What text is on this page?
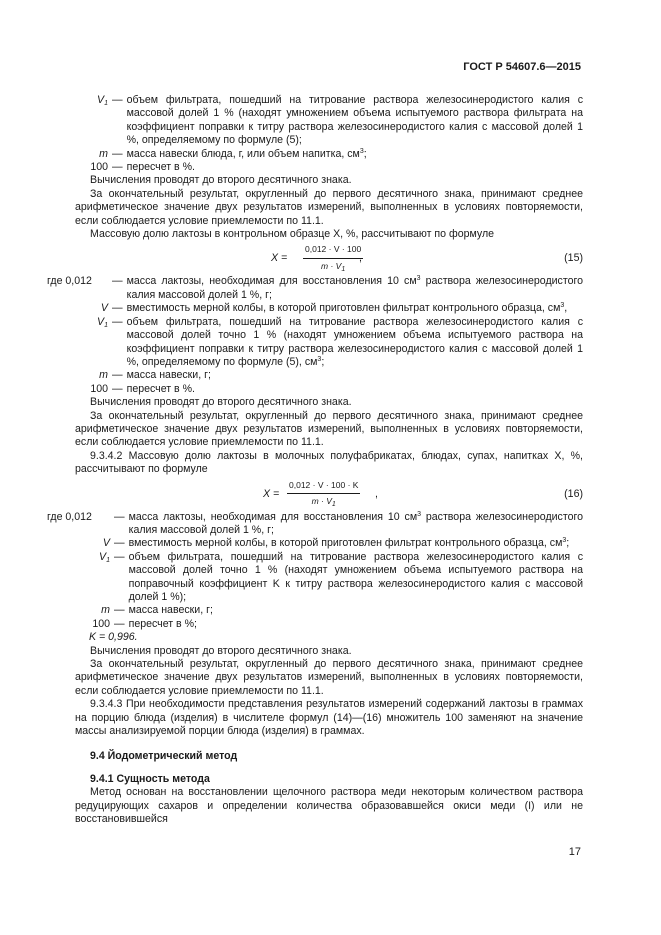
ГОСТ Р 54607.6—2015
$V_1$ — объем фильтрата, пошедший на титрование раствора железосинеродистого калия с массовой долей 1 % (находят умножением объема испытуемого раствора фильтрата на коэффициент поправки к титру раствора железосинеродистого калия с массовой долей 1 %, определяемому по формуле (5);
m — масса навески блюда, г, или объем напитка, $см^3$;
100 — пересчет в %.

Вычисления проводят до второго десятичного знака.

За окончательный результат, округленный до первого десятичного знака, принимают среднее арифметическое значение двух результатов измерений, выполненных в условиях повторяемости, если соблюдается условие приемлемости по 11.1.

Массовую долю лактозы в контрольном образце X, %, рассчитывают по формуле

$X = \frac{0,012 \cdot V \cdot 100}{m \cdot V_1}$
,	(15)
где 0,012	— масса лактозы, необходимая для восстановления 10 $см^3$ раствора железосинеродистого калия массовой долей 1 %, г;
V — вместимость мерной колбы, в которой приготовлен фильтрат контрольного образца, $см^3$,
$V_1$ — объем фильтрата, пошедший на титрование раствора железосинеродистого калия с массовой долей точно 1 % (находят умножением объема испытуемого раствора на коэффициент поправки к титру раствора железосинеродистого калия с массовой долей 1 %, определяемому по формуле (5), $см^3$;
m — масса навески, г;
100 — пересчет в %.

Вычисления проводят до второго десятичного знака.

За окончательный результат, округленный до первого десятичного знака, принимают среднее арифметическое значение двух результатов измерений, выполненных в условиях повторяемости, если соблюдается условие приемлемости по 11.1.

9.3.4.2 Массовую долю лактозы в молочных полуфабрикатах, блюдах, супах, напитках X, %, рассчитывают по формуле

$X = \frac{0,012 \cdot V \cdot 100 \cdot K}{m \cdot V_1}$ ,	(16)
где 0,012	— масса лактозы, необходимая для восстановления 10 $см^3$ раствора железосинеродистого калия массовой долей 1 %, г;
V — вместимость мерной колбы, в которой приготовлен фильтрат контрольного образца, $см^3$;
$V_1$ — объем фильтрата, пошедший на титрование раствора железосинеродистого калия с массовой долей точно 1 % (находят умножением объема испытуемого раствора на поправочный коэффициент K к титру раствора железосинеродистого калия с массовой долей 1 %);
m — масса навески, г;
100 — пересчет в %;

K = 0,996.

Вычисления проводят до второго десятичного знака.

За окончательный результат, округленный до первого десятичного знака, принимают среднее арифметическое значение двух результатов измерений, выполненных в условиях повторяемости, если соблюдается условие приемлемости по 11.1.

9.3.4.3 При необходимости представления результатов измерений содержаний лактозы в граммах на порцию блюда (изделия) в числителе формул (14)—(16) множитель 100 заменяют на значение массы анализируемой порции блюда (изделия) в граммах.

9.4 Йодометрический метод

9.4.1 Сущность метода

Метод основан на восстановлении щелочного раствора меди некоторым количеством раствора редуцирующих сахаров и определении количества образовавшейся окиси меди (I) или не восстановившейся

17
